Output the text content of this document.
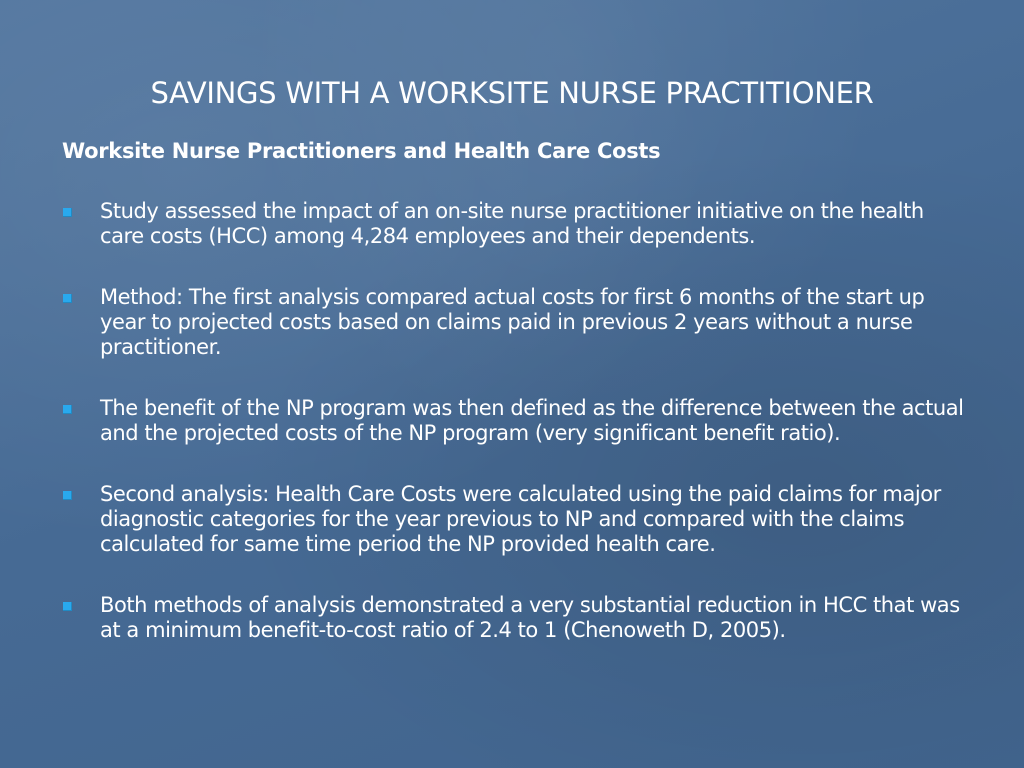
SAVINGS WITH A WORKSITE NURSE PRACTITIONER
Worksite Nurse Practitioners and Health Care Costs
Study assessed the impact of an on-site nurse practitioner initiative on the health care costs (HCC) among 4,284 employees and their dependents.
Method: The first analysis compared actual costs for first 6 months of the start up year to projected costs based on claims paid in previous 2 years without a nurse practitioner.
The benefit of the NP program was then defined as the difference between the actual and the projected costs of the NP program (very significant benefit ratio).
Second analysis: Health Care Costs were calculated using the paid claims for major diagnostic categories for the year previous to NP and compared with the claims calculated for same time period the NP provided health care.
Both methods of analysis demonstrated a very substantial reduction in HCC that was at a minimum benefit-to-cost ratio of 2.4 to 1 (Chenoweth D, 2005).
